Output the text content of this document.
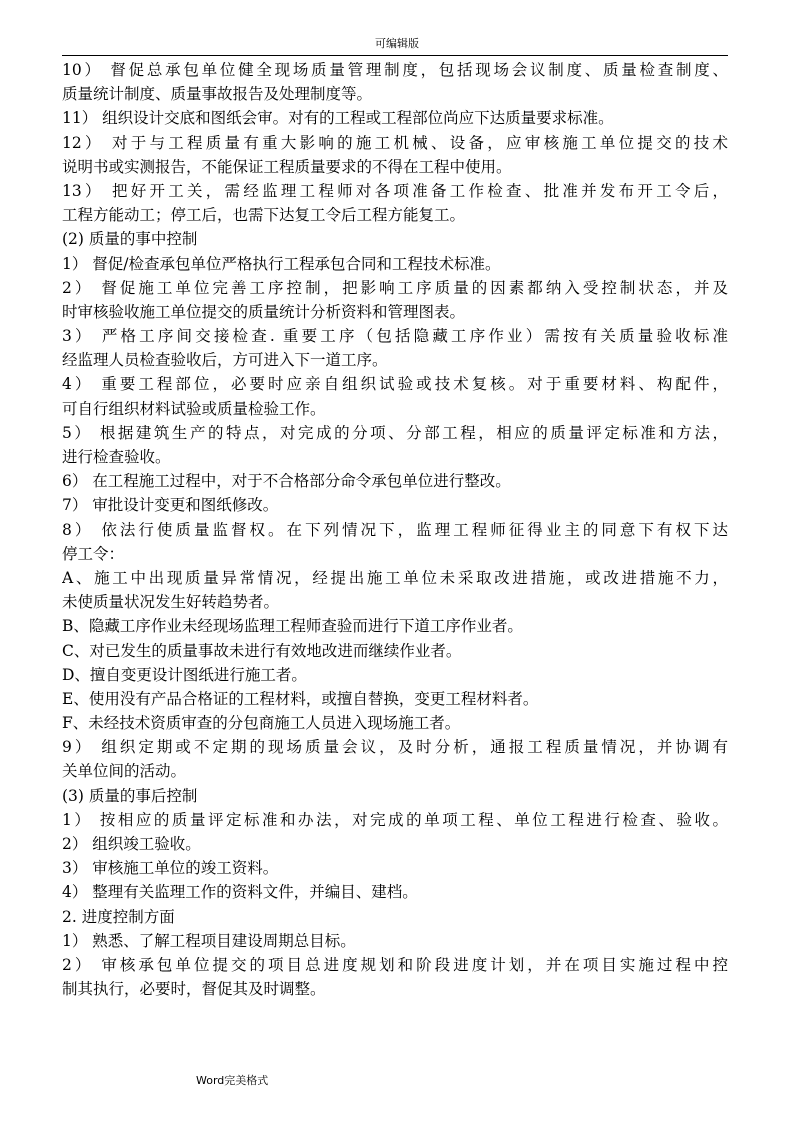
可编辑版
10） 督促总承包单位健全现场质量管理制度，包括现场会议制度、质量检查制度、
质量统计制度、质量事故报告及处理制度等。
11） 组织设计交底和图纸会审。对有的工程或工程部位尚应下达质量要求标准。
12） 对于与工程质量有重大影响的施工机械、设备，应审核施工单位提交的技术
说明书或实测报告，不能保证工程质量要求的不得在工程中使用。
13） 把好开工关，需经监理工程师对各项准备工作检查、批准并发布开工令后，
工程方能动工；停工后，也需下达复工令后工程方能复工。
(2) 质量的事中控制
1） 督促/检查承包单位严格执行工程承包合同和工程技术标准。
2） 督促施工单位完善工序控制，把影响工序质量的因素都纳入受控制状态，并及
时审核验收施工单位提交的质量统计分析资料和管理图表。
3） 严格工序间交接检查. 重要工序（包括隐藏工序作业）需按有关质量验收标准
经监理人员检查验收后，方可进入下一道工序。
4） 重要工程部位，必要时应亲自组织试验或技术复核。对于重要材料、构配件，
可自行组织材料试验或质量检验工作。
5） 根据建筑生产的特点，对完成的分项、分部工程，相应的质量评定标准和方法，
进行检查验收。
6） 在工程施工过程中，对于不合格部分命令承包单位进行整改。
7） 审批设计变更和图纸修改。
8） 依法行使质量监督权。在下列情况下，监理工程师征得业主的同意下有权下达
停工令：
A、施工中出现质量异常情况，经提出施工单位未采取改进措施，或改进措施不力，
未使质量状况发生好转趋势者。
B、隐藏工序作业未经现场监理工程师查验而进行下道工序作业者。
C、对已发生的质量事故未进行有效地改进而继续作业者。
D、擅自变更设计图纸进行施工者。
E、使用没有产品合格证的工程材料，或擅自替换，变更工程材料者。
F、未经技术资质审查的分包商施工人员进入现场施工者。
9） 组织定期或不定期的现场质量会议，及时分析，通报工程质量情况，并协调有
关单位间的活动。
(3) 质量的事后控制
1） 按相应的质量评定标准和办法，对完成的单项工程、单位工程进行检查、验收。
2） 组织竣工验收。
3） 审核施工单位的竣工资料。
4） 整理有关监理工作的资料文件，并编目、建档。
2. 进度控制方面
1） 熟悉、了解工程项目建设周期总目标。
2） 审核承包单位提交的项目总进度规划和阶段进度计划，并在项目实施过程中控
制其执行，必要时，督促其及时调整。
Word完美格式
